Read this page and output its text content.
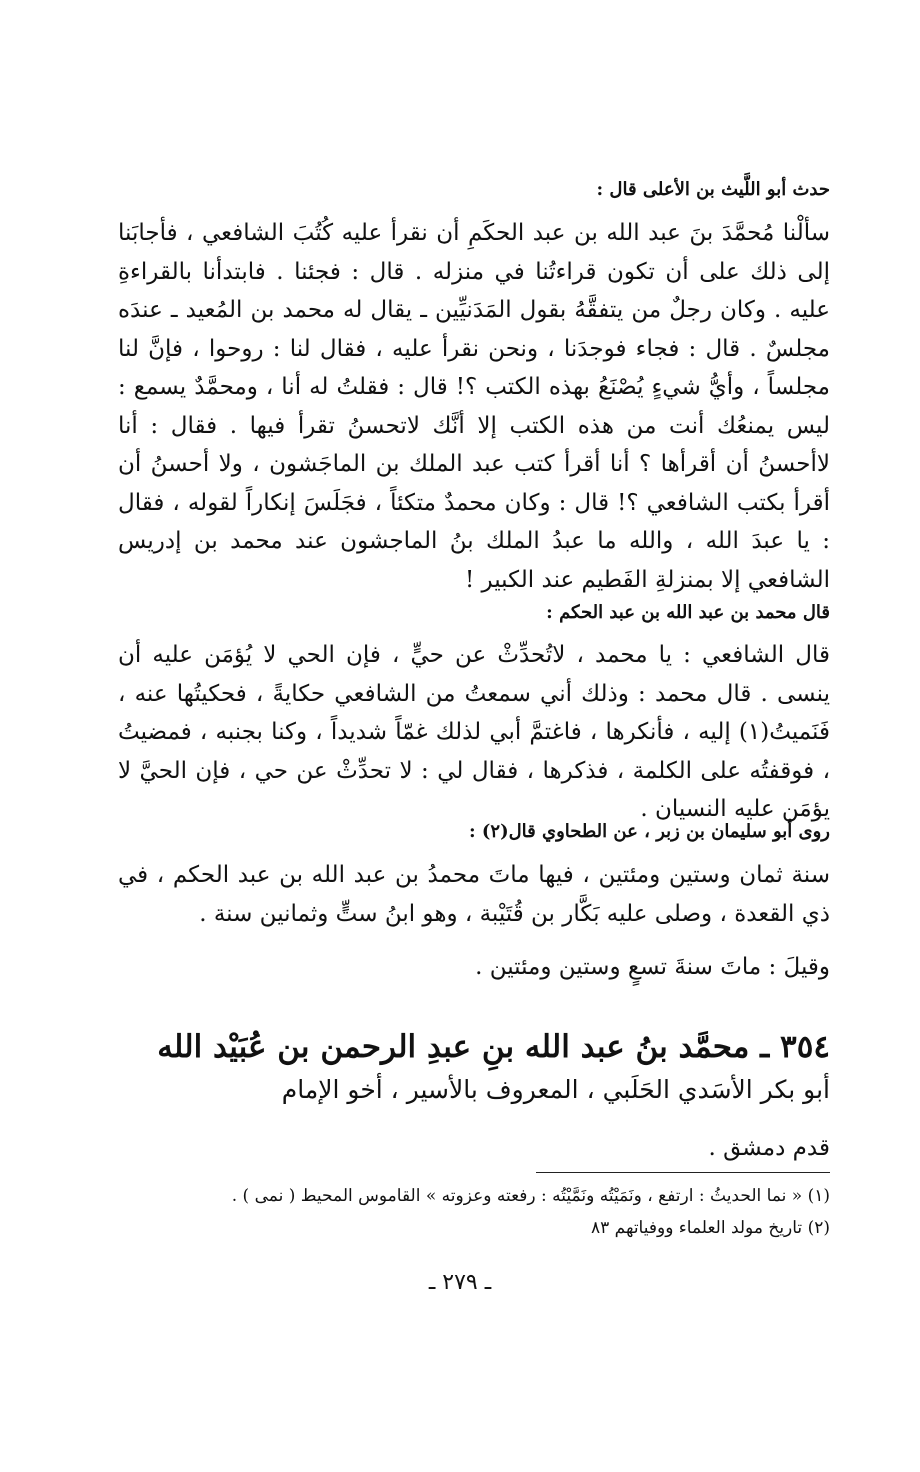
حدث أبو اللَّيث بن الأعلى قال :
سألْنا مُحمَّدَ بنَ عبد الله بن عبد الحكَمِ أن نقرأ عليه كُتُبَ الشافعي ، فأجابَنا إلى ذلك على أن تكون قراءتُنا في منزله . قال : فجئنا . فابتدأنا بالقراءةِ عليه . وكان رجلٌ من يتفقَّهُ بقول المَدَنيِّين ـ يقال له محمد بن المُعيد ـ عندَه مجلسٌ . قال : فجاء فوجدَنا ، ونحن نقرأ عليه ، فقال لنا : روحوا ، فإنَّ لنا مجلساً ، وأيُّ شيءٍ يُصْنَعُ بهذه الكتب ؟! قال : فقلتُ له أنا ، ومحمَّدٌ يسمع : ليس يمنعُك أنت من هذه الكتب إلا أنَّك لاتحسنُ تقرأ فيها . فقال : أنا لاأحسنُ أن أقرأها ؟ أنا أقرأ كتب عبد الملك بن الماجَشون ، ولا أحسنُ أن أقرأ بكتب الشافعي ؟! قال : وكان محمدٌ متكئاً ، فجَلَسَ إنكاراً لقوله ، فقال : يا عبدَ الله ، والله ما عبدُ الملك بنُ الماجشون عند محمد بن إدريس الشافعي إلا بمنزلةِ الفَطيم عند الكبير !
قال محمد بن عبد الله بن عبد الحكم :
قال الشافعي : يا محمد ، لاتُحدِّثْ عن حيٍّ ، فإن الحي لا يُؤمَن عليه أن ينسى . قال محمد : وذلك أني سمعتُ من الشافعي حكايةً ، فحكيتُها عنه ، فَنَميتُ(١) إليه ، فأنكرها ، فاغتمَّ أبي لذلك غمّاً شديداً ، وكنا بجنبه ، فمضيتُ ، فوقفتُه على الكلمة ، فذكرها ، فقال لي : لا تحدِّثْ عن حي ، فإن الحيَّ لا يؤمَن عليه النسيان .
روى أبو سليمان بن زبر ، عن الطحاوي قال(٢) :
سنة ثمان وستين ومئتين ، فيها ماتَ محمدُ بن عبد الله بن عبد الحكم ، في ذي القعدة ، وصلى عليه بَكَّار بن قُتَيْبة ، وهو ابنُ ستٍّ وثمانين سنة .
وقيلَ : ماتَ سنةَ تسعٍ وستين ومئتين .
٣٥٤ ـ محمَّد بنُ عبد الله بنِ عبدِ الرحمن بن عُبَيْد الله
أبو بكر الأسَدي الحَلَبي ، المعروف بالأسير ، أخو الإمام
قدم دمشق .
(١) « نما الحديثُ : ارتفع ، ونَمَيْتُه ونَمَّيْتُه : رفعته وعزوته » القاموس المحيط ( نمى ) .
(٢) تاريخ مولد العلماء ووفياتهم ٨٣
ـ ٢٧٩ ـ
